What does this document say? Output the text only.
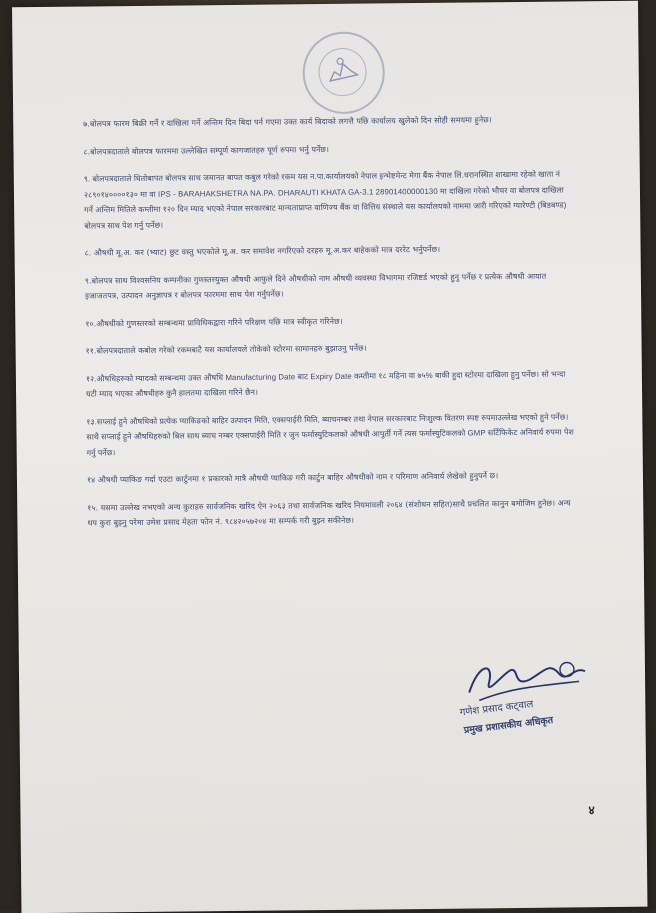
७.बोलपत्र फारम बिक्री गर्ने र दाखिला गर्ने अन्तिम दिन बिदा पर्न गएमा उक्त कार्य बिदाको लगत्तै पछि कार्यालय खुलेको दिन सोही समयमा हुनेछ।

८.बोलपत्रदाताले बोलपत्र फारममा उल्लेखित सम्पूर्ण कागजातहरु पूर्ण रुपमा भर्नु पर्नेछ।

९. बोलपत्रदाताले धितोबापत बोलपत्र साथ जमानत बापत कबुल गरेको रकम यस न.पा.कार्यालयको नेपाल इन्भेष्टमेन्ट मेगा बैंक नेपाल लि.धरानस्थित शाखामा रहेको खाता नं २८९०१४००००१३० मा वा IPS - BARAHAKSHETRA NA.PA. DHARAUTI KHATA GA-3.1 28901400000130 मा दाखिला गरेको भौचर वा बोलपत्र दाखिला गर्ने अन्तिम मितिले कम्तीमा १२० दिन म्याद भएको नेपाल सरकारबाट मान्यताप्राप्त वाणिज्य बैंक वा वित्तिय संस्थाले यस कार्यालयको नाममा जारी गरिएको ग्यारेण्टी (बिडबण्ड) बोलपत्र साथ पेश गर्नु पर्नेछ।

८. औषधी मू.अ. कर (भ्याट) छुट वस्तु भएकोले मू.अ. कर समावेश नगरिएको दरहरु मू.अ.कर बाहेकको मात्र दररेट भर्नुपर्नेछ।

९.बोलपत्र साथ विश्वसनिय कम्पनीका गुणस्तरयुक्त औषधी आफुले दिने औषधीको नाम औषधी व्यवस्था विभागमा रजिष्टर्ड भएको हुनु पर्नेछ र प्रत्येक औषधी आयात इजाजतपत्र, उत्पादन अनुज्ञापत्र र बोलपत्र फारममा साथ पेश गर्नुपर्नेछ।

१०.औषधीको गुणस्तरको सम्बन्धमा प्राविधिकद्वारा गरिने परिक्षण पछि मात्र स्वीकृत गरिनेछ।

११.बोलपत्रदाताले कबोल गरेको रकमबाटै यस कार्यालयले तोकेको स्टोरमा सामानहरु बुझाउनु पर्नेछ।

१२.औषधिहरुको म्यादको सम्बन्धमा उक्त औषधि Manufacturing Date बाट Expiry Date कम्तीमा १८ महिना वा ७५% बाकी हुदा स्टोरमा दाखिला हुनु पर्नेछ। सो भन्दा घटी म्याद भएका औषधीहरु कुनै हालतमा दाखिला गरिने छैन।

१३.सप्लाई हुने औषधिको प्रत्येक प्याकिङको बाहिर उत्पादन मिति, एक्सपाईरी मिति, ब्याचनम्बर तथा नेपाल सरकारबाट निःशुल्क वितरण स्पष्ट रुपमाउल्लेख भएको हुने पर्नेछ। साथै सप्लाई हुने औषधिहरुको बिल साथ ब्याच नम्बर एक्सपाईरी मिति र जुन फर्मास्युटिकलको औषधी आपुर्ती गर्ने त्यस फर्मास्युटिकलको GMP सर्टिफिकेट अनिवार्य रुपमा पेश गर्नु पर्नेछ।

१४ औषधी प्याकिङ गर्दा एउटा कार्टुनमा १ प्रकारको मात्रै औषधी प्याकिङ गरी कार्टुन बाहिर औषधीको नाम र परिमाण अनिवार्य लेखेको हुनुपर्ने छ।

१५. यसमा उल्लेख नभएको अन्य कुराहरु सार्वजनिक खरिद ऐन २०६३ तथा सार्वजनिक खरिद नियमावली २०६४ (संशोधन सहित)साथै प्रचलित कानुन बमोजिम हुनेछ। अन्य थप कुरा बुझ्नु परेमा उमेश प्रसाद मेहता फोन नं. ९८४२०५७२०४ मा सम्पर्क गरी बुझ्न सकीनेछ।

गणेश प्रसाद कट्वाल
प्रमुख प्रशासकीय अधिकृत
४
